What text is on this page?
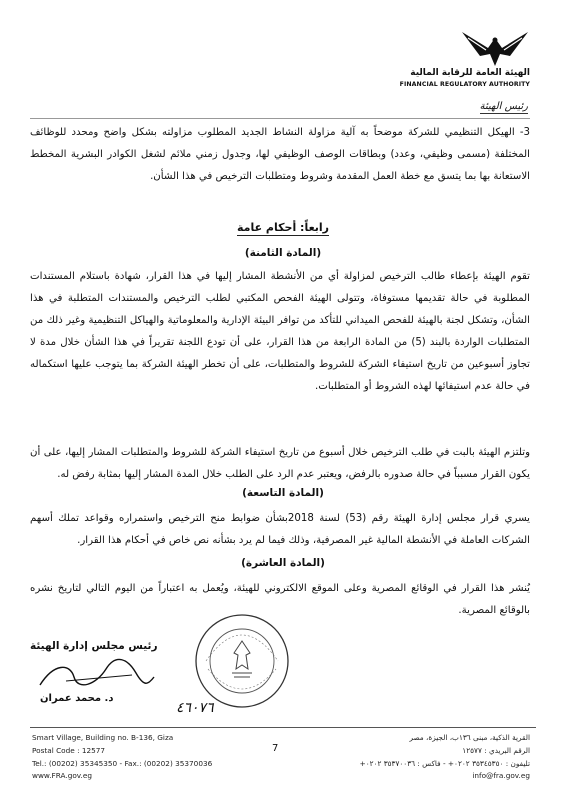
الهيئة العامة للرقابة المالية
FINANCIAL REGULATORY AUTHORITY
رئيس الهيئة
3- الهيكل التنظيمي للشركة موضحاً به آلية مزاولة النشاط الجديد المطلوب مزاولته بشكل واضح ومحدد للوظائف المختلفة (مسمى وظيفي، وعدد) وبطاقات الوصف الوظيفي لها، وجدول زمني ملائم لشغل الكوادر البشرية المخطط الاستعانة بها بما يتسق مع خطة العمل المقدمة وشروط ومتطلبات الترخيص في هذا الشأن.
رابعاً: أحكام عامة
(المادة الثامنة)
تقوم الهيئة بإعطاء طالب الترخيص لمزاولة أي من الأنشطة المشار إليها في هذا القرار، شهادة باستلام المستندات المطلوبة في حالة تقديمها مستوفاة، وتتولى الهيئة الفحص المكتبي لطلب الترخيص والمستندات المتطلبة في هذا الشأن، وتشكل لجنة بالهيئة للفحص الميداني للتأكد من توافر البيئة الإدارية والمعلوماتية والهياكل التنظيمية وغير ذلك من المتطلبات الواردة بالبند (5) من المادة الرابعة من هذا القرار، على أن تودع اللجنة تقريراً في هذا الشأن خلال مدة لا تجاوز أسبوعين من تاريخ استيفاء الشركة للشروط والمتطلبات، على أن تخطر الهيئة الشركة بما يتوجب عليها استكماله في حالة عدم استيفائها لهذه الشروط أو المتطلبات.
وتلتزم الهيئة بالبت في طلب الترخيص خلال أسبوع من تاريخ استيفاء الشركة للشروط والمتطلبات المشار إليها، على أن يكون القرار مسبباً في حالة صدوره بالرفض، ويعتبر عدم الرد على الطلب خلال المدة المشار إليها بمثابة رفض له.
(المادة التاسعة)
يسري قرار مجلس إدارة الهيئة رقم (53) لسنة 2018بشأن ضوابط منح الترخيص واستمراره وقواعد تملك أسهم الشركات العاملة في الأنشطة المالية غير المصرفية، وذلك فيما لم يرد بشأنه نص خاص في أحكام هذا القرار.
(المادة العاشرة)
يُنشر هذا القرار في الوقائع المصرية وعلى الموقع الالكتروني للهيئة، ويُعمل به اعتباراً من اليوم التالي لتاريخ نشره بالوقائع المصرية.
رئيس مجلس إدارة الهيئة
د. محمد عمران
٤٦٠٧٦
Smart Village, Building no. B-136, Giza
Postal Code : 12577
Tel.: (00202) 35345350 - Fax.: (00202) 35370036
www.FRA.gov.eg
7
القرية الذكية، مبنى ١٣٦ب، الجيزة، مصر
الرقم البريدي : ١٢٥٧٧
تليفون : ٣٥٣٤٥٣٥٠ ٠٢٠٢+ - فاكس : ٣٥٣٧٠٠٣٦ ٠٢٠٢+
info@fra.gov.eg
